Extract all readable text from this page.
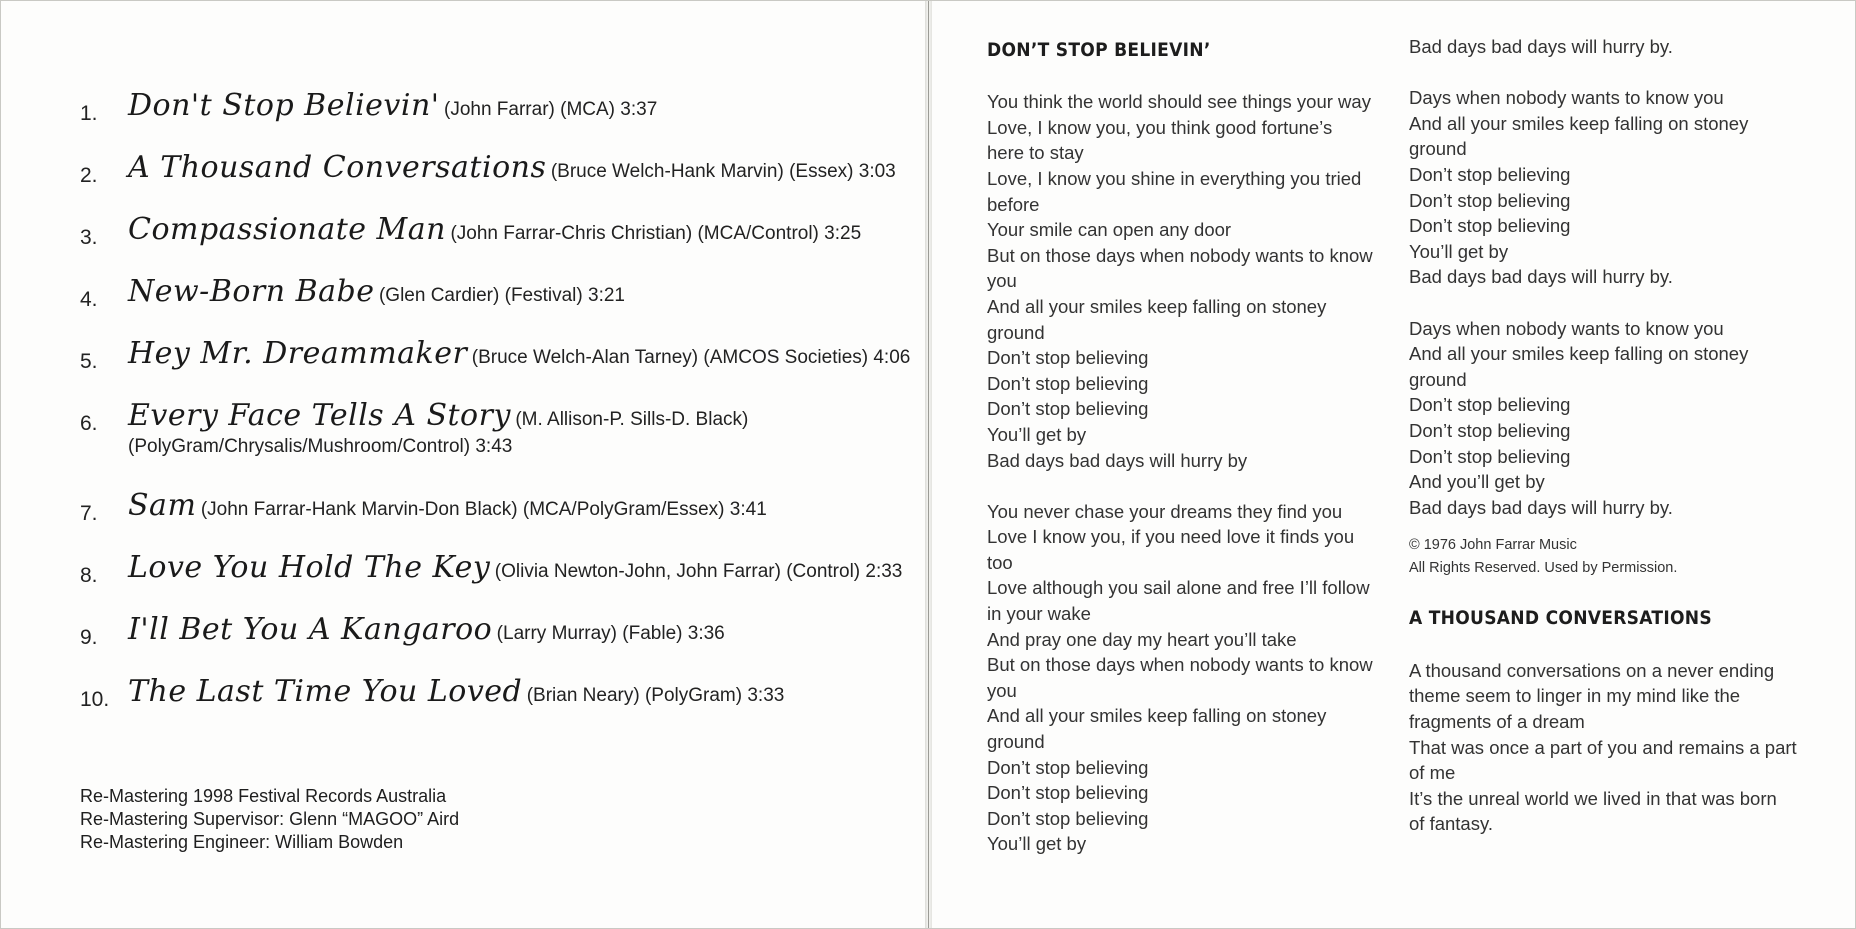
1. Don't Stop Believin' (John Farrar) (MCA) 3:37
2. A Thousand Conversations (Bruce Welch-Hank Marvin) (Essex) 3:03
3. Compassionate Man (John Farrar-Chris Christian) (MCA/Control) 3:25
4. New-Born Babe (Glen Cardier) (Festival) 3:21
5. Hey Mr. Dreammaker (Bruce Welch-Alan Tarney) (AMCOS Societies) 4:06
6. Every Face Tells A Story (M. Allison-P. Sills-D. Black)
(PolyGram/Chrysalis/Mushroom/Control) 3:43
7. Sam (John Farrar-Hank Marvin-Don Black) (MCA/PolyGram/Essex) 3:41
8. Love You Hold The Key (Olivia Newton-John, John Farrar) (Control) 2:33
9. I'll Bet You A Kangaroo (Larry Murray) (Fable) 3:36
10. The Last Time You Loved (Brian Neary) (PolyGram) 3:33
Re-Mastering 1998 Festival Records Australia
Re-Mastering Supervisor: Glenn “MAGOO” Aird
Re-Mastering Engineer: William Bowden
DON’T STOP BELIEVIN’
You think the world should see things your way
Love, I know you, you think good fortune’s
here to stay
Love, I know you shine in everything you tried
before
Your smile can open any door
But on those days when nobody wants to know
you
And all your smiles keep falling on stoney
ground
Don’t stop believing
Don’t stop believing
Don’t stop believing
You’ll get by
Bad days bad days will hurry by
You never chase your dreams they find you
Love I know you, if you need love it finds you
too
Love although you sail alone and free I’ll follow
in your wake
And pray one day my heart you’ll take
But on those days when nobody wants to know
you
And all your smiles keep falling on stoney
ground
Don’t stop believing
Don’t stop believing
Don’t stop believing
You’ll get by
Bad days bad days will hurry by.
Days when nobody wants to know you
And all your smiles keep falling on stoney
ground
Don’t stop believing
Don’t stop believing
Don’t stop believing
You’ll get by
Bad days bad days will hurry by.
Days when nobody wants to know you
And all your smiles keep falling on stoney
ground
Don’t stop believing
Don’t stop believing
Don’t stop believing
And you’ll get by
Bad days bad days will hurry by.
© 1976 John Farrar Music
All Rights Reserved. Used by Permission.
A THOUSAND CONVERSATIONS
A thousand conversations on a never ending
theme seem to linger in my mind like the
fragments of a dream
That was once a part of you and remains a part
of me
It’s the unreal world we lived in that was born
of fantasy.
